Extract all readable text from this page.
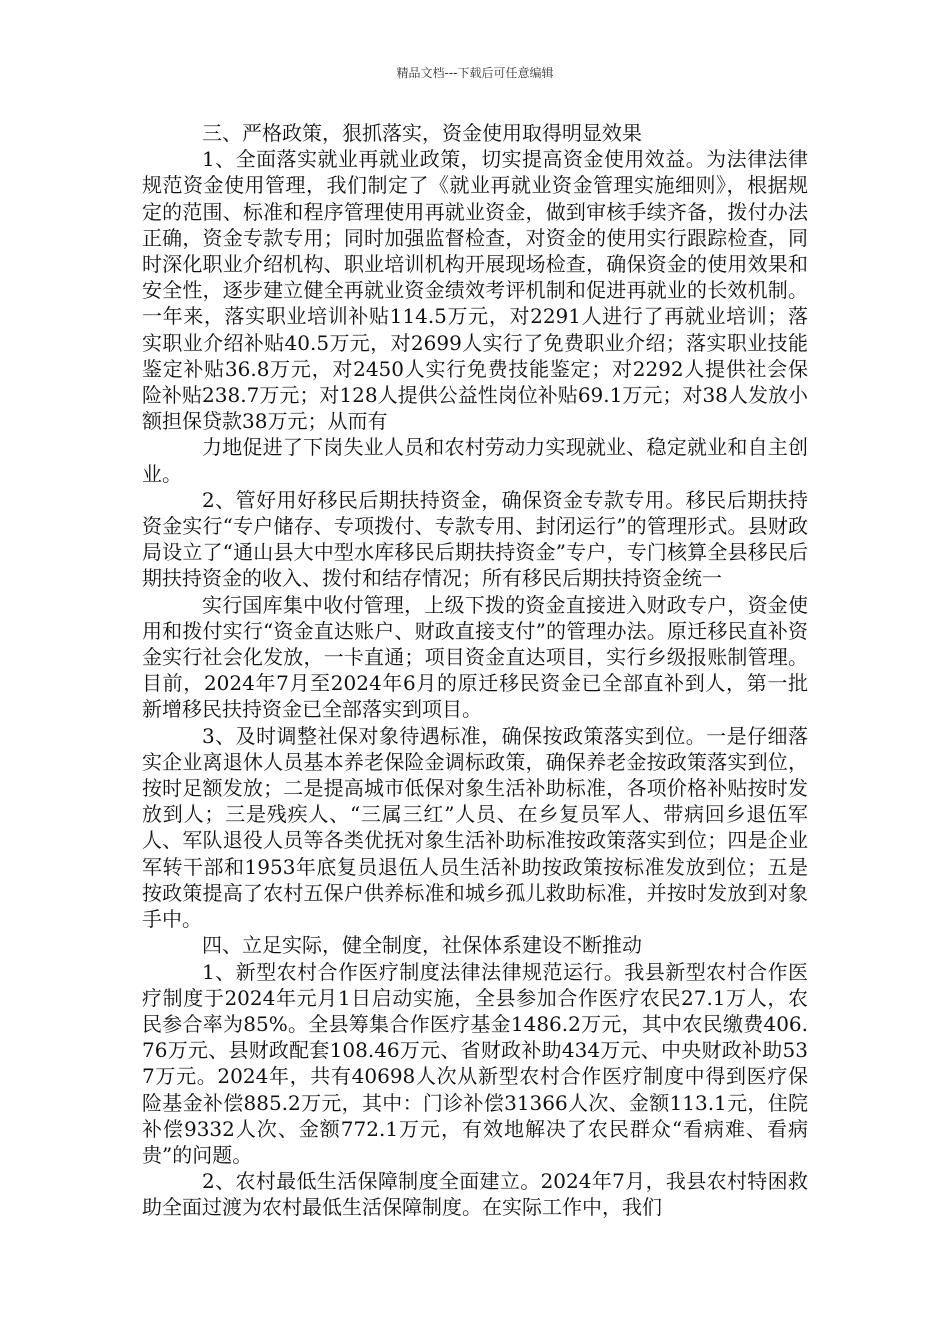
精品文档---下载后可任意编辑

三、严格政策，狠抓落实，资金使用取得明显效果

1、全面落实就业再就业政策，切实提高资金使用效益。为法律法律规范资金使用管理，我们制定了《就业再就业资金管理实施细则》，根据规定的范围、标准和程序管理使用再就业资金，做到审核手续齐备，拨付办法正确，资金专款专用；同时加强监督检查，对资金的使用实行跟踪检查，同时深化职业介绍机构、职业培训机构开展现场检查，确保资金的使用效果和安全性，逐步建立健全再就业资金绩效考评机制和促进再就业的长效机制。一年来，落实职业培训补贴114.5万元，对2291人进行了再就业培训；落实职业介绍补贴40.5万元，对2699人实行了免费职业介绍；落实职业技能鉴定补贴36.8万元，对2450人实行免费技能鉴定；对2292人提供社会保险补贴238.7万元；对128人提供公益性岗位补贴69.1万元；对38人发放小额担保贷款38万元；从而有

力地促进了下岗失业人员和农村劳动力实现就业、稳定就业和自主创业。

2、管好用好移民后期扶持资金，确保资金专款专用。移民后期扶持资金实行“专户储存、专项拨付、专款专用、封闭运行”的管理形式。县财政局设立了“通山县大中型水库移民后期扶持资金”专户，专门核算全县移民后期扶持资金的收入、拨付和结存情况；所有移民后期扶持资金统一

实行国库集中收付管理，上级下拨的资金直接进入财政专户，资金使用和拨付实行“资金直达账户、财政直接支付”的管理办法。原迁移民直补资金实行社会化发放，一卡直通；项目资金直达项目，实行乡级报账制管理。目前，2024年7月至2024年6月的原迁移民资金已全部直补到人，第一批新增移民扶持资金已全部落实到项目。

3、及时调整社保对象待遇标准，确保按政策落实到位。一是仔细落实企业离退休人员基本养老保险金调标政策，确保养老金按政策落实到位，按时足额发放；二是提高城市低保对象生活补助标准，各项价格补贴按时发放到人；三是残疾人、“三属三红”人员、在乡复员军人、带病回乡退伍军人、军队退役人员等各类优抚对象生活补助标准按政策落实到位；四是企业军转干部和1953年底复员退伍人员生活补助按政策按标准发放到位；五是按政策提高了农村五保户供养标准和城乡孤儿救助标准，并按时发放到对象手中。

四、立足实际，健全制度，社保体系建设不断推动

1、新型农村合作医疗制度法律法律规范运行。我县新型农村合作医疗制度于2024年元月1日启动实施，全县参加合作医疗农民27.1万人，农民参合率为85%。全县筹集合作医疗基金1486.2万元，其中农民缴费406.76万元、县财政配套108.46万元、省财政补助434万元、中央财政补助537万元。2024年，共有40698人次从新型农村合作医疗制度中得到医疗保险基金补偿885.2万元，其中：门诊补偿31366人次、金额113.1元，住院补偿9332人次、金额772.1万元，有效地解决了农民群众“看病难、看病贵”的问题。

2、农村最低生活保障制度全面建立。2024年7月，我县农村特困救助全面过渡为农村最低生活保障制度。在实际工作中，我们
